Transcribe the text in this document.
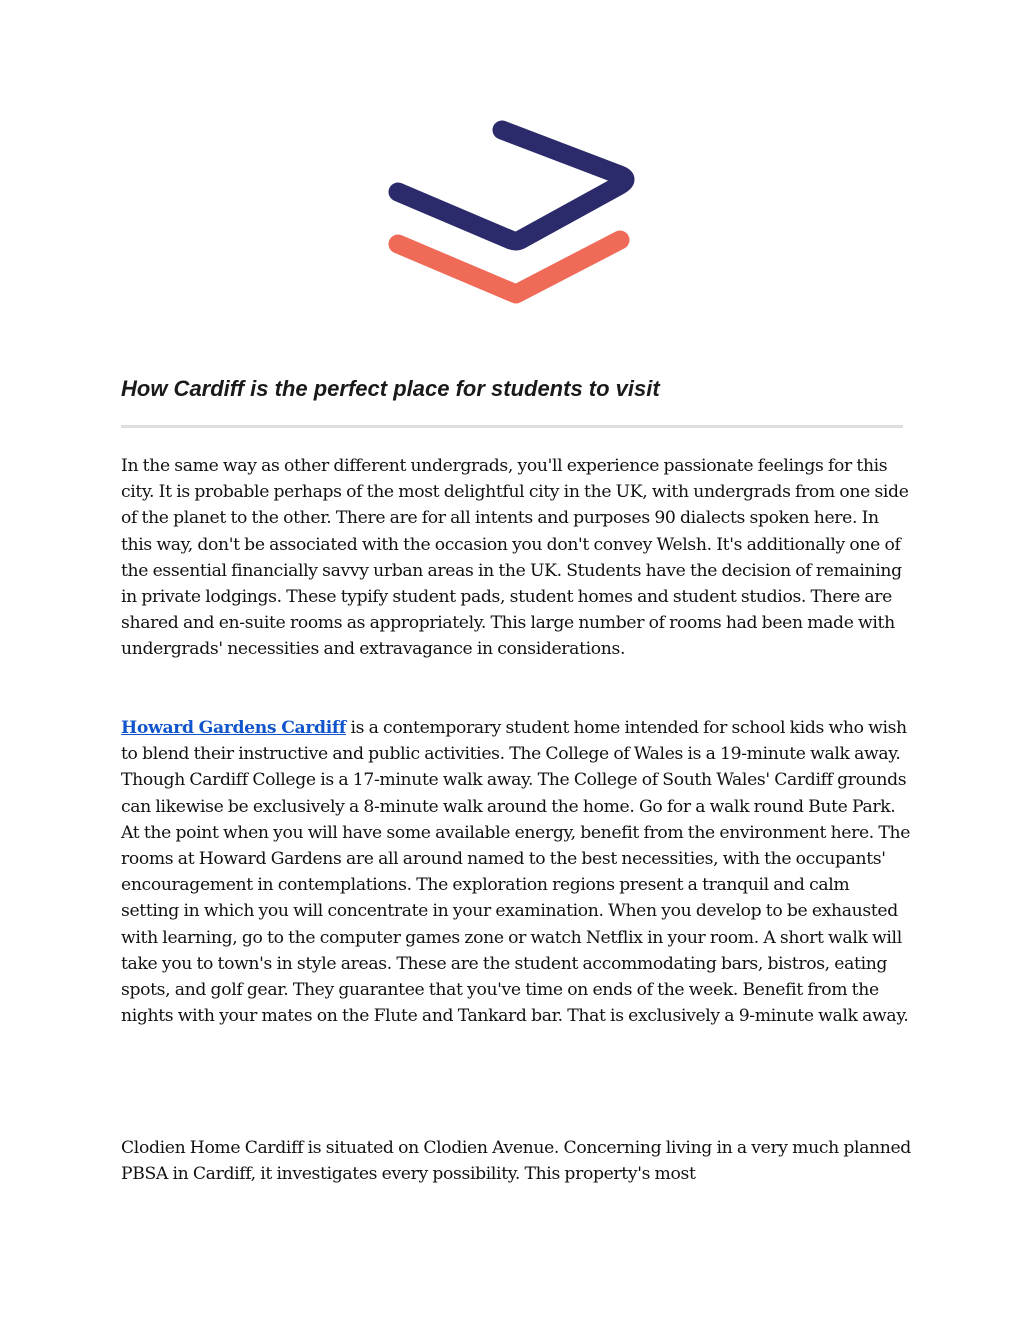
How Cardiff is the perfect place for students to visit

In the same way as other different undergrads, you'll experience passionate feelings for this city. It is probable perhaps of the most delightful city in the UK, with undergrads from one side of the planet to the other. There are for all intents and purposes 90 dialects spoken here. In this way, don't be associated with the occasion you don't convey Welsh. It's additionally one of the essential financially savvy urban areas in the UK. Students have the decision of remaining in private lodgings. These typify student pads, student homes and student studios. There are shared and en-suite rooms as appropriately. This large number of rooms had been made with undergrads' necessities and extravagance in considerations.

Howard Gardens Cardiff is a contemporary student home intended for school kids who wish to blend their instructive and public activities. The College of Wales is a 19-minute walk away. Though Cardiff College is a 17-minute walk away. The College of South Wales' Cardiff grounds can likewise be exclusively a 8-minute walk around the home. Go for a walk round Bute Park. At the point when you will have some available energy, benefit from the environment here. The rooms at Howard Gardens are all around named to the best necessities, with the occupants' encouragement in contemplations. The exploration regions present a tranquil and calm setting in which you will concentrate in your examination. When you develop to be exhausted with learning, go to the computer games zone or watch Netflix in your room. A short walk will take you to town's in style areas. These are the student accommodating bars, bistros, eating spots, and golf gear. They guarantee that you've time on ends of the week. Benefit from the nights with your mates on the Flute and Tankard bar. That is exclusively a 9-minute walk away.

Clodien Home Cardiff is situated on Clodien Avenue. Concerning living in a very much planned PBSA in Cardiff, it investigates every possibility. This property's most
